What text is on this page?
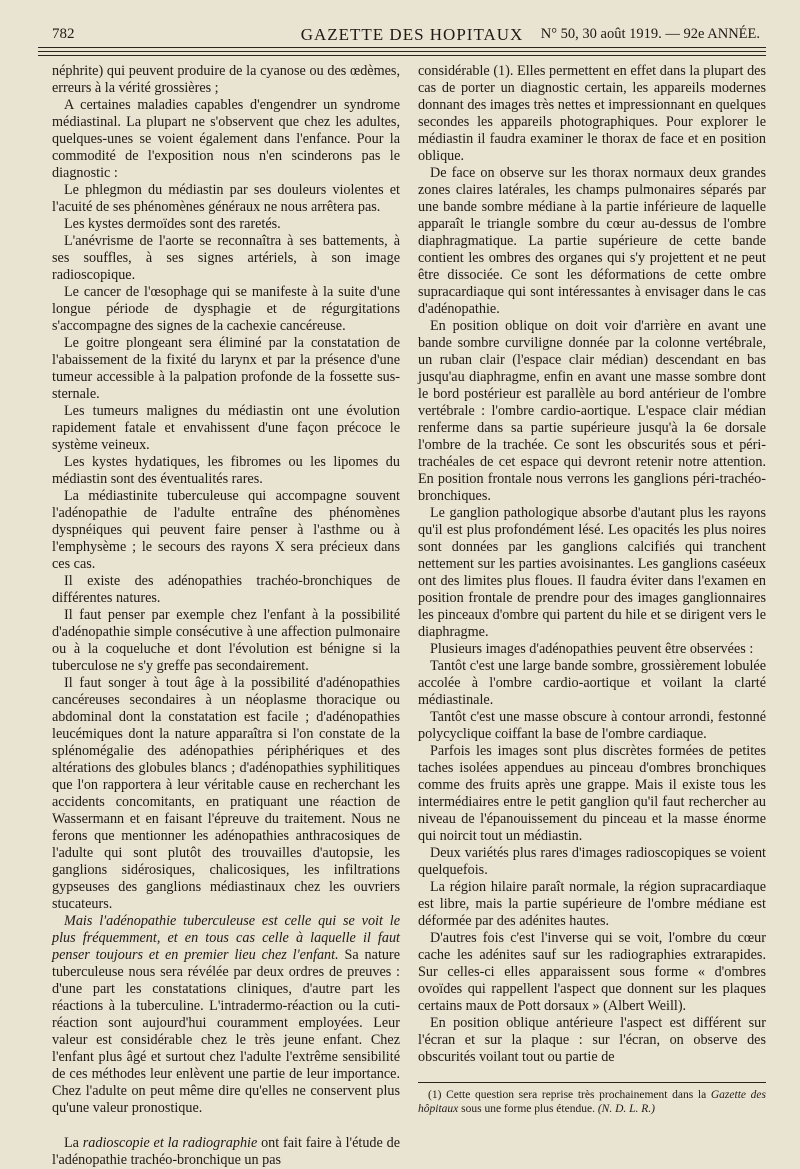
782	GAZETTE DES HOPITAUX	N° 50, 30 août 1919. — 92e ANNÉE.

néphrite) qui peuvent produire de la cyanose ou des œdèmes, erreurs à la vérité grossières ;

A certaines maladies capables d'engendrer un syndrome médiastinal. La plupart ne s'observent que chez les adultes, quelques-unes se voient également dans l'enfance. Pour la commodité de l'exposition nous n'en scinderons pas le diagnostic :

Le phlegmon du médiastin par ses douleurs violentes et l'acuité de ses phénomènes généraux ne nous arrêtera pas.

Les kystes dermoïdes sont des raretés.

L'anévrisme de l'aorte se reconnaîtra à ses battements, à ses souffles, à ses signes artériels, à son image radioscopique.

Le cancer de l'œsophage qui se manifeste à la suite d'une longue période de dysphagie et de régurgitations s'accompagne des signes de la cachexie cancéreuse.

Le goitre plongeant sera éliminé par la constatation de l'abaissement de la fixité du larynx et par la présence d'une tumeur accessible à la palpation profonde de la fossette sus-sternale.

Les tumeurs malignes du médiastin ont une évolution rapidement fatale et envahissent d'une façon précoce le système veineux.

Les kystes hydatiques, les fibromes ou les lipomes du médiastin sont des éventualités rares.

La médiastinite tuberculeuse qui accompagne souvent l'adénopathie de l'adulte entraîne des phénomènes dyspnéiques qui peuvent faire penser à l'asthme ou à l'emphysème ; le secours des rayons X sera précieux dans ces cas.

Il existe des adénopathies trachéo-bronchiques de différentes natures.

Il faut penser par exemple chez l'enfant à la possibilité d'adénopathie simple consécutive à une affection pulmonaire ou à la coqueluche et dont l'évolution est bénigne si la tuberculose ne s'y greffe pas secondairement.

Il faut songer à tout âge à la possibilité d'adénopathies cancéreuses secondaires à un néoplasme thoracique ou abdominal dont la constatation est facile ; d'adénopathies leucémiques dont la nature apparaîtra si l'on constate de la splénomégalie des adénopathies périphériques et des altérations des globules blancs ; d'adénopathies syphilitiques que l'on rapportera à leur véritable cause en recherchant les accidents concomitants, en pratiquant une réaction de Wassermann et en faisant l'épreuve du traitement. Nous ne ferons que mentionner les adénopathies anthracosiques de l'adulte qui sont plutôt des trouvailles d'autopsie, les ganglions sidérosiques, chalicosiques, les infiltrations gypseuses des ganglions médiastinaux chez les ouvriers stucateurs.

Mais l'adénopathie tuberculeuse est celle qui se voit le plus fréquemment, et en tous cas celle à laquelle il faut penser toujours et en premier lieu chez l'enfant. Sa nature tuberculeuse nous sera révélée par deux ordres de preuves : d'une part les constatations cliniques, d'autre part les réactions à la tuberculine. L'intradermo-réaction ou la cuti-réaction sont aujourd'hui couramment employées. Leur valeur est considérable chez le très jeune enfant. Chez l'enfant plus âgé et surtout chez l'adulte l'extrême sensibilité de ces méthodes leur enlèvent une partie de leur importance. Chez l'adulte on peut même dire qu'elles ne conservent plus qu'une valeur pronostique.

La radioscopie et la radiographie ont fait faire à l'étude de l'adénopathie trachéo-bronchique un pas

considérable (1). Elles permettent en effet dans la plupart des cas de porter un diagnostic certain, les appareils modernes donnant des images très nettes et impressionnant en quelques secondes les appareils photographiques. Pour explorer le médiastin il faudra examiner le thorax de face et en position oblique.

De face on observe sur les thorax normaux deux grandes zones claires latérales, les champs pulmonaires séparés par une bande sombre médiane à la partie inférieure de laquelle apparaît le triangle sombre du cœur au-dessus de l'ombre diaphragmatique. La partie supérieure de cette bande contient les ombres des organes qui s'y projettent et ne peut être dissociée. Ce sont les déformations de cette ombre supracardiaque qui sont intéressantes à envisager dans le cas d'adénopathie.

En position oblique on doit voir d'arrière en avant une bande sombre curviligne donnée par la colonne vertébrale, un ruban clair (l'espace clair médian) descendant en bas jusqu'au diaphragme, enfin en avant une masse sombre dont le bord postérieur est parallèle au bord antérieur de l'ombre vertébrale : l'ombre cardio-aortique. L'espace clair médian renferme dans sa partie supérieure jusqu'à la 6e dorsale l'ombre de la trachée. Ce sont les obscurités sous et péri-trachéales de cet espace qui devront retenir notre attention. En position frontale nous verrons les ganglions péri-trachéo-bronchiques.

Le ganglion pathologique absorbe d'autant plus les rayons qu'il est plus profondément lésé. Les opacités les plus noires sont données par les ganglions calcifiés qui tranchent nettement sur les parties avoisinantes. Les ganglions caséeux ont des limites plus floues. Il faudra éviter dans l'examen en position frontale de prendre pour des images ganglionnaires les pinceaux d'ombre qui partent du hile et se dirigent vers le diaphragme.

Plusieurs images d'adénopathies peuvent être observées :

Tantôt c'est une large bande sombre, grossièrement lobulée accolée à l'ombre cardio-aortique et voilant la clarté médiastinale.

Tantôt c'est une masse obscure à contour arrondi, festonné polycyclique coiffant la base de l'ombre cardiaque.

Parfois les images sont plus discrètes formées de petites taches isolées appendues au pinceau d'ombres bronchiques comme des fruits après une grappe. Mais il existe tous les intermédiaires entre le petit ganglion qu'il faut rechercher au niveau de l'épanouissement du pinceau et la masse énorme qui noircit tout un médiastin.

Deux variétés plus rares d'images radioscopiques se voient quelquefois.

La région hilaire paraît normale, la région supracardiaque est libre, mais la partie supérieure de l'ombre médiane est déformée par des adénites hautes.

D'autres fois c'est l'inverse qui se voit, l'ombre du cœur cache les adénites sauf sur les radiographies extrarapides. Sur celles-ci elles apparaissent sous forme « d'ombres ovoïdes qui rappellent l'aspect que donnent sur les plaques certains maux de Pott dorsaux » (Albert Weill).

En position oblique antérieure l'aspect est différent sur l'écran et sur la plaque : sur l'écran, on observe des obscurités voilant tout ou partie de

(1) Cette question sera reprise très prochainement dans la Gazette des hôpitaux sous une forme plus étendue. (N. D. L. R.)
